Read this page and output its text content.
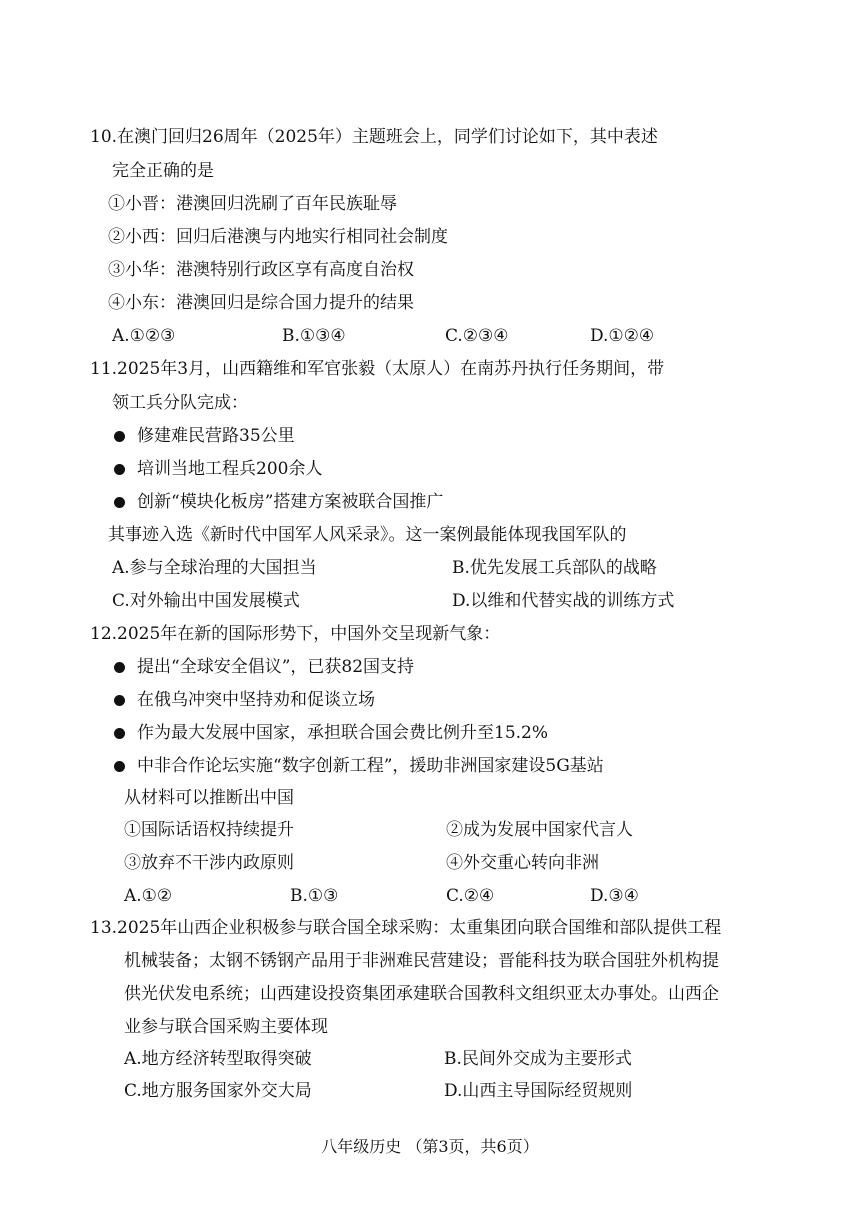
10.在澳门回归26周年（2025年）主题班会上，同学们讨论如下，其中表述
完全正确的是
①小晋：港澳回归洗刷了百年民族耻辱
②小西：回归后港澳与内地实行相同社会制度
③小华：港澳特别行政区享有高度自治权
④小东：港澳回归是综合国力提升的结果
A.①②③	B.①③④	C.②③④	D.①②④
11.2025年3月，山西籍维和军官张毅（太原人）在南苏丹执行任务期间，带
领工兵分队完成：
修建难民营路35公里
培训当地工程兵200余人
创新“模块化板房”搭建方案被联合国推广
其事迹入选《新时代中国军人风采录》。这一案例最能体现我国军队的
A.参与全球治理的大国担当	B.优先发展工兵部队的战略
C.对外输出中国发展模式	D.以维和代替实战的训练方式
12.2025年在新的国际形势下，中国外交呈现新气象：
提出“全球安全倡议”，已获82国支持
在俄乌冲突中坚持劝和促谈立场
作为最大发展中国家，承担联合国会费比例升至15.2%
中非合作论坛实施“数字创新工程”，援助非洲国家建设5G基站
从材料可以推断出中国
①国际话语权持续提升	②成为发展中国家代言人
③放弃不干涉内政原则	④外交重心转向非洲
A.①②	B.①③	C.②④	D.③④
13.2025年山西企业积极参与联合国全球采购：太重集团向联合国维和部队提供工程
机械装备；太钢不锈钢产品用于非洲难民营建设；晋能科技为联合国驻外机构提
供光伏发电系统；山西建设投资集团承建联合国教科文组织亚太办事处。山西企
业参与联合国采购主要体现
A.地方经济转型取得突破	B.民间外交成为主要形式
C.地方服务国家外交大局	D.山西主导国际经贸规则
八年级历史 （第3页，共6页）
